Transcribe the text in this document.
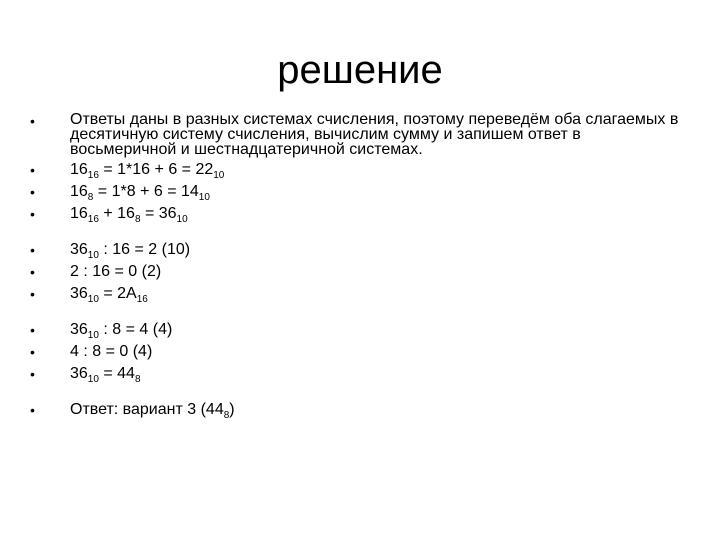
решение
•	Ответы даны в разных системах счисления, поэтому переведём оба слагаемых в десятичную систему счисления, вычислим сумму и запишем ответ в восьмеричной и шестнадцатеричной системах.
•	$16_{16} = 1*16 + 6 = 22_{10}$
•	$16_8 = 1*8 + 6 = 14_{10}$
•	$16_{16} + 16_8 = 36_{10}$
•	$36_{10}$ : 16 = 2 (10)
•	2 : 16 = 0 (2)
•	$36_{10} = 2A_{16}$
•	$36_{10}$ : 8 = 4 (4)
•	4 : 8 = 0 (4)
•	$36_{10} = 44_8$
•	Ответ: вариант 3 $(44_8)$
